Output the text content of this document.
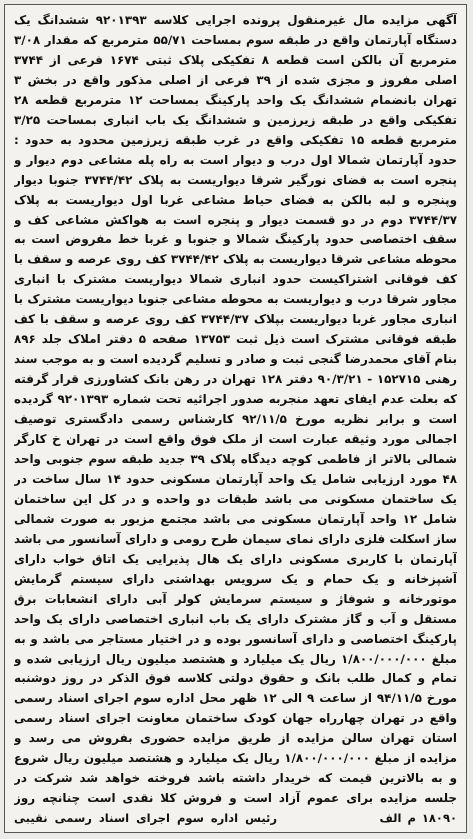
آگهی مزایده مال غیرمنقول پرونده اجرایی کلاسه ۹۲۰۱۳۹۳ ششدانگ یک دستگاه آپارتمان واقع در طبقه سوم بمساحت ۵۵/۷۱ مترمربع که مقدار ۳/۰۸ مترمربع آن بالکن است قطعه ۸ تفکیکی پلاک ثبتی ۱۶۷۴ فرعی از ۳۷۴۴ اصلی مفروز و مجزی شده از ۳۹ فرعی از اصلی مذکور واقع در بخش ۳ تهران بانضمام ششدانگ یک واحد پارکینگ بمساحت ۱۲ مترمربع قطعه ۲۸ تفکیکی واقع در طبقه زیرزمین و ششدانگ یک باب انباری بمساحت ۳/۲۵ مترمربع قطعه ۱۵ تفکیکی واقع در غرب طبقه زیرزمین محدود به حدود : حدود آپارتمان شمالا اول درب و دیوار است به راه پله مشاعی دوم دیوار و پنجره است به فضای نورگیر شرقا دیواریست به پلاک ۳۷۴۴/۴۲ جنوبا دیوار وپنجره و لبه بالکن به فضای حیاط مشاعی غربا اول دیواریست به پلاک ۳۷۴۴/۳۷ دوم در دو قسمت دیوار و پنجره است به هواکش مشاعی کف و سقف اختصاصی حدود پارکینگ شمالا و جنوبا و غربا خط مفروض است به محوطه مشاعی شرقا دیواریست به پلاک ۳۷۴۴/۴۲ کف روی عرصه و سقف با کف فوقانی اشتراکیست حدود انباری شمالا دیواریست مشترک با انباری مجاور شرقا درب و دیواریست به محوطه مشاعی جنوبا دیواریست مشترک با انباری مجاور غربا دیواریست بپلاک ۳۷۴۴/۳۷ کف روی عرصه و سقف با کف طبقه فوقانی مشترک است ذیل ثبت ۱۳۷۵۳ صفحه ۵ دفتر املاک جلد ۸۹۶ بنام آقای محمدرضا گنجی ثبت و صادر و تسلیم گردیده است و به موجب سند رهنی ۱۵۲۷۱۵ - ۹۰/۳/۲۱ دفتر ۱۲۸ تهران در رهن بانک کشاورزی قرار گرفته که بعلت عدم ایفای تعهد منجربه صدور اجرائیه تحت شماره ۹۲۰۱۳۹۳ گردیده است و برابر نظریه مورخ ۹۲/۱۱/۵ کارشناس رسمی دادگستری توصیف اجمالی مورد وثیقه عبارت است از ملک فوق واقع است در تهران خ کارگر شمالی بالاتر از فاطمی کوچه دیدگاه پلاک ۳۹ جدید طبقه سوم جنوبی واحد ۴۸ مورد ارزیابی شامل یک واحد آپارتمان مسکونی حدود ۱۴ سال ساخت در یک ساختمان مسکونی می باشد طبقات دو واحده و در کل این ساختمان شامل ۱۲ واحد آپارتمان مسکونی می باشد مجتمع مزبور به صورت شمالی ساز اسکلت فلزی دارای نمای سیمان طرح رومی و دارای آسانسور می باشد آپارتمان با کاربری مسکونی دارای یک هال پذیرایی یک اتاق خواب دارای آشپزخانه و یک حمام و یک سرویس بهداشتی دارای سیستم گرمایش موتورخانه و شوفاژ و سیستم سرمایش کولر آبی دارای انشعابات برق مستقل و آب و گاز مشترک دارای یک باب انباری اختصاصی دارای یک واحد پارکینگ اختصاصی و دارای آسانسور بوده و در اختیار مستاجر می باشد و به مبلغ ۱/۸۰۰/۰۰۰/۰۰۰ ریال یک میلیارد و هشتصد میلیون ریال ارزیابی شده و تمام و کمال طلب بانک و حقوق دولتی کلاسه فوق الذکر در روز دوشنبه مورخ ۹۴/۱۱/۵ از ساعت ۹ الی ۱۲ ظهر محل اداره سوم اجرای اسناد رسمی واقع در تهران چهارراه جهان کودک ساختمان معاونت اجرای اسناد رسمی استان تهران سالن مزایده از طریق مزایده حضوری بفروش می رسد و مزایده از مبلغ ۱/۸۰۰/۰۰۰/۰۰۰ ریال یک میلیارد و هشتصد میلیون ریال شروع و به بالاترین قیمت که خریدار داشته باشد فروخته خواهد شد شرکت در جلسه مزایده برای عموم آزاد است و فروش کلا نقدی است چنانچه روز

۱۸۰۹۰ م الف
رئیس اداره سوم اجرای اسناد رسمی نقیبی
